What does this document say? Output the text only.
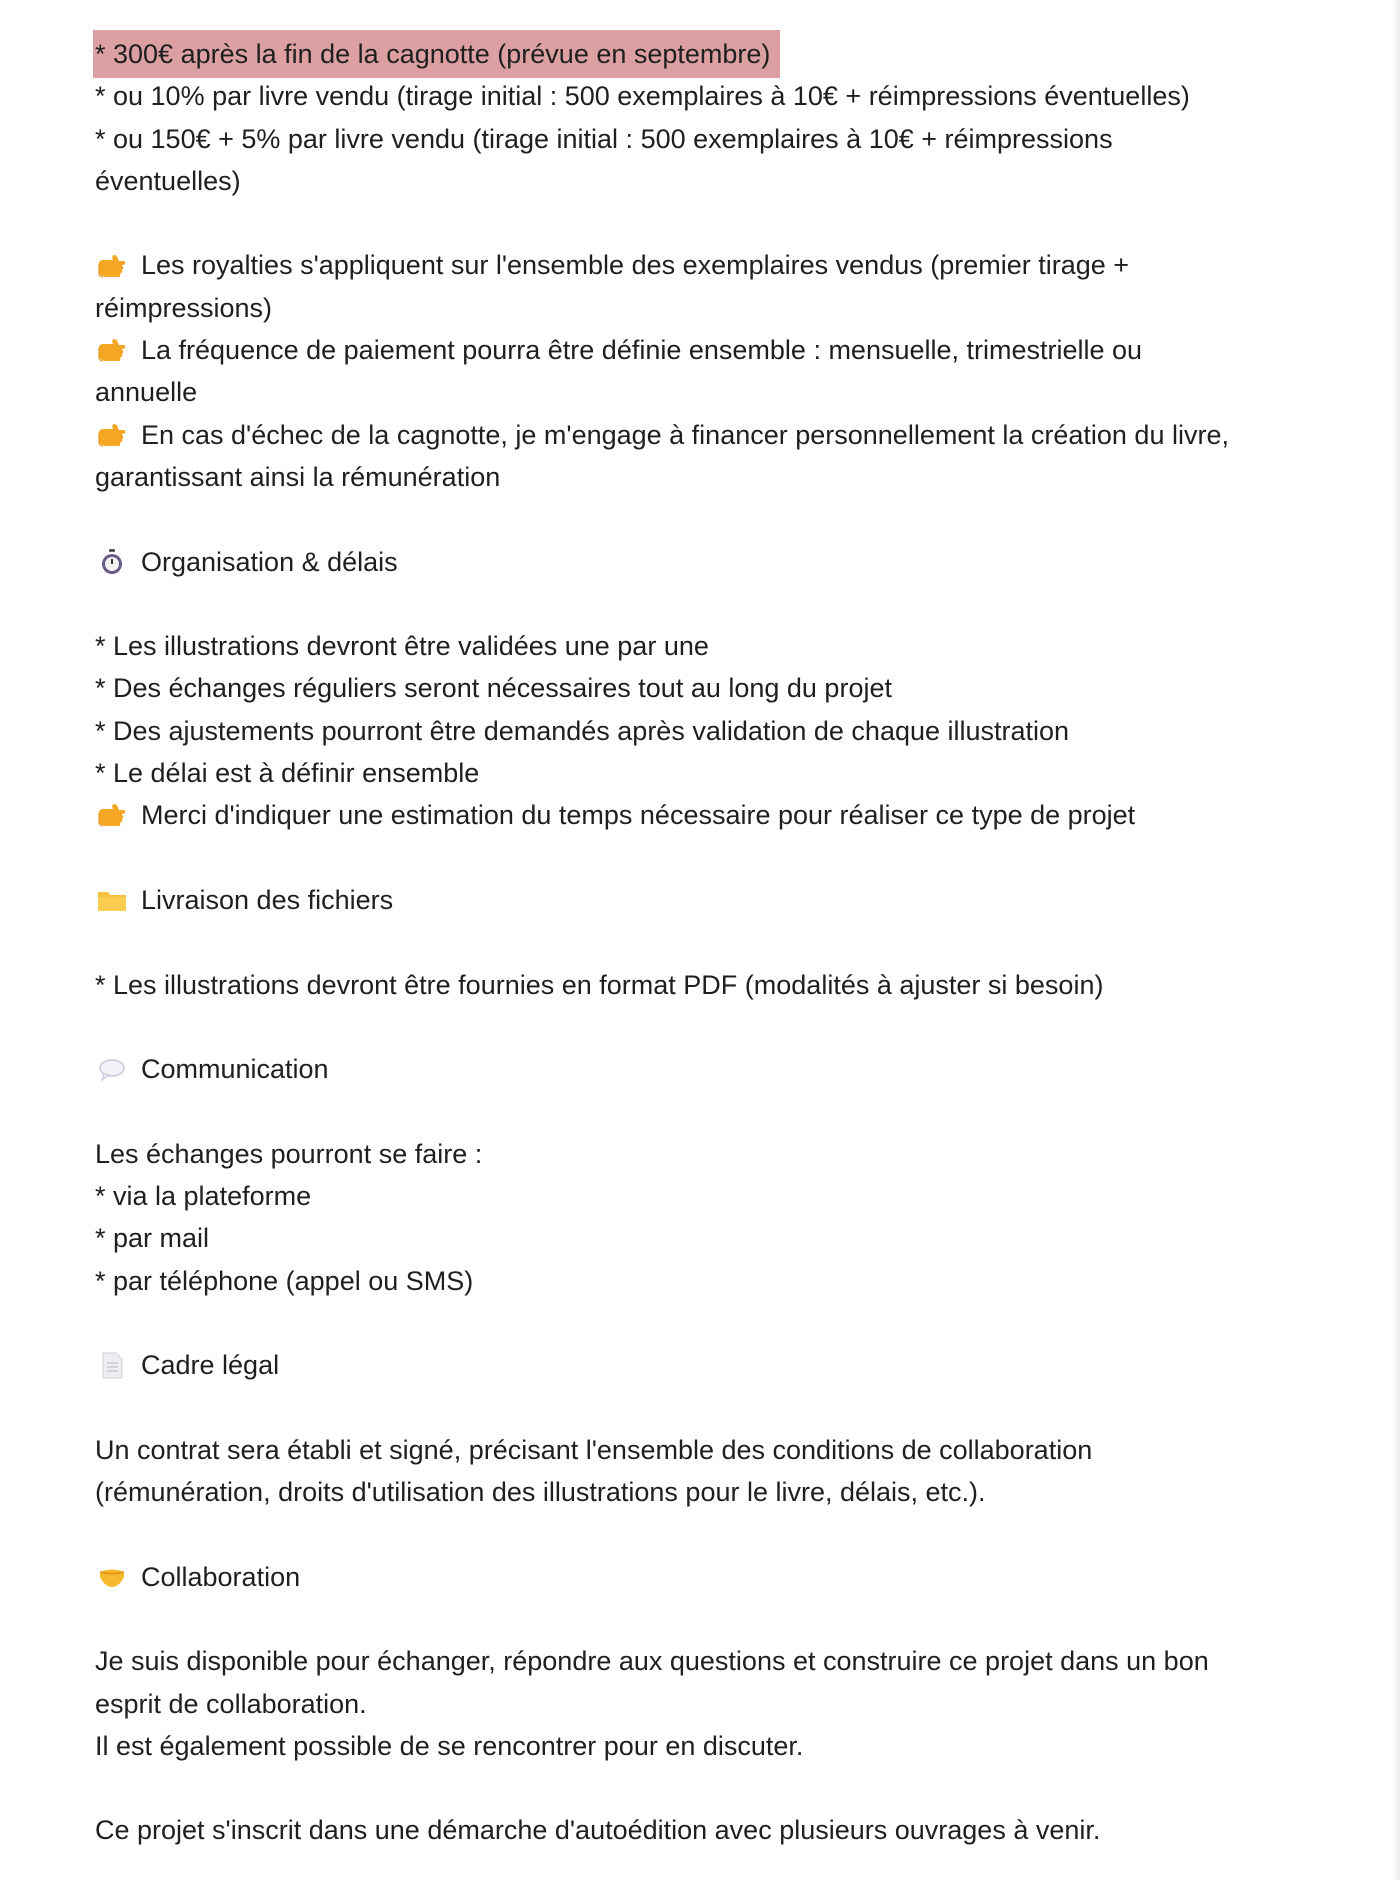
* 300€ après la fin de la cagnotte (prévue en septembre)
* ou 10% par livre vendu (tirage initial : 500 exemplaires à 10€ + réimpressions éventuelles)
* ou 150€ + 5% par livre vendu (tirage initial : 500 exemplaires à 10€ + réimpressions
éventuelles)
Les royalties s'appliquent sur l'ensemble des exemplaires vendus (premier tirage +
réimpressions)
La fréquence de paiement pourra être définie ensemble : mensuelle, trimestrielle ou
annuelle
En cas d'échec de la cagnotte, je m'engage à financer personnellement la création du livre,
garantissant ainsi la rémunération
Organisation & délais
* Les illustrations devront être validées une par une
* Des échanges réguliers seront nécessaires tout au long du projet
* Des ajustements pourront être demandés après validation de chaque illustration
* Le délai est à définir ensemble
Merci d'indiquer une estimation du temps nécessaire pour réaliser ce type de projet
Livraison des fichiers
* Les illustrations devront être fournies en format PDF (modalités à ajuster si besoin)
Communication
Les échanges pourront se faire :
* via la plateforme
* par mail
* par téléphone (appel ou SMS)
Cadre légal
Un contrat sera établi et signé, précisant l'ensemble des conditions de collaboration
(rémunération, droits d'utilisation des illustrations pour le livre, délais, etc.).
Collaboration
Je suis disponible pour échanger, répondre aux questions et construire ce projet dans un bon
esprit de collaboration.
Il est également possible de se rencontrer pour en discuter.
Ce projet s'inscrit dans une démarche d'autoédition avec plusieurs ouvrages à venir.
